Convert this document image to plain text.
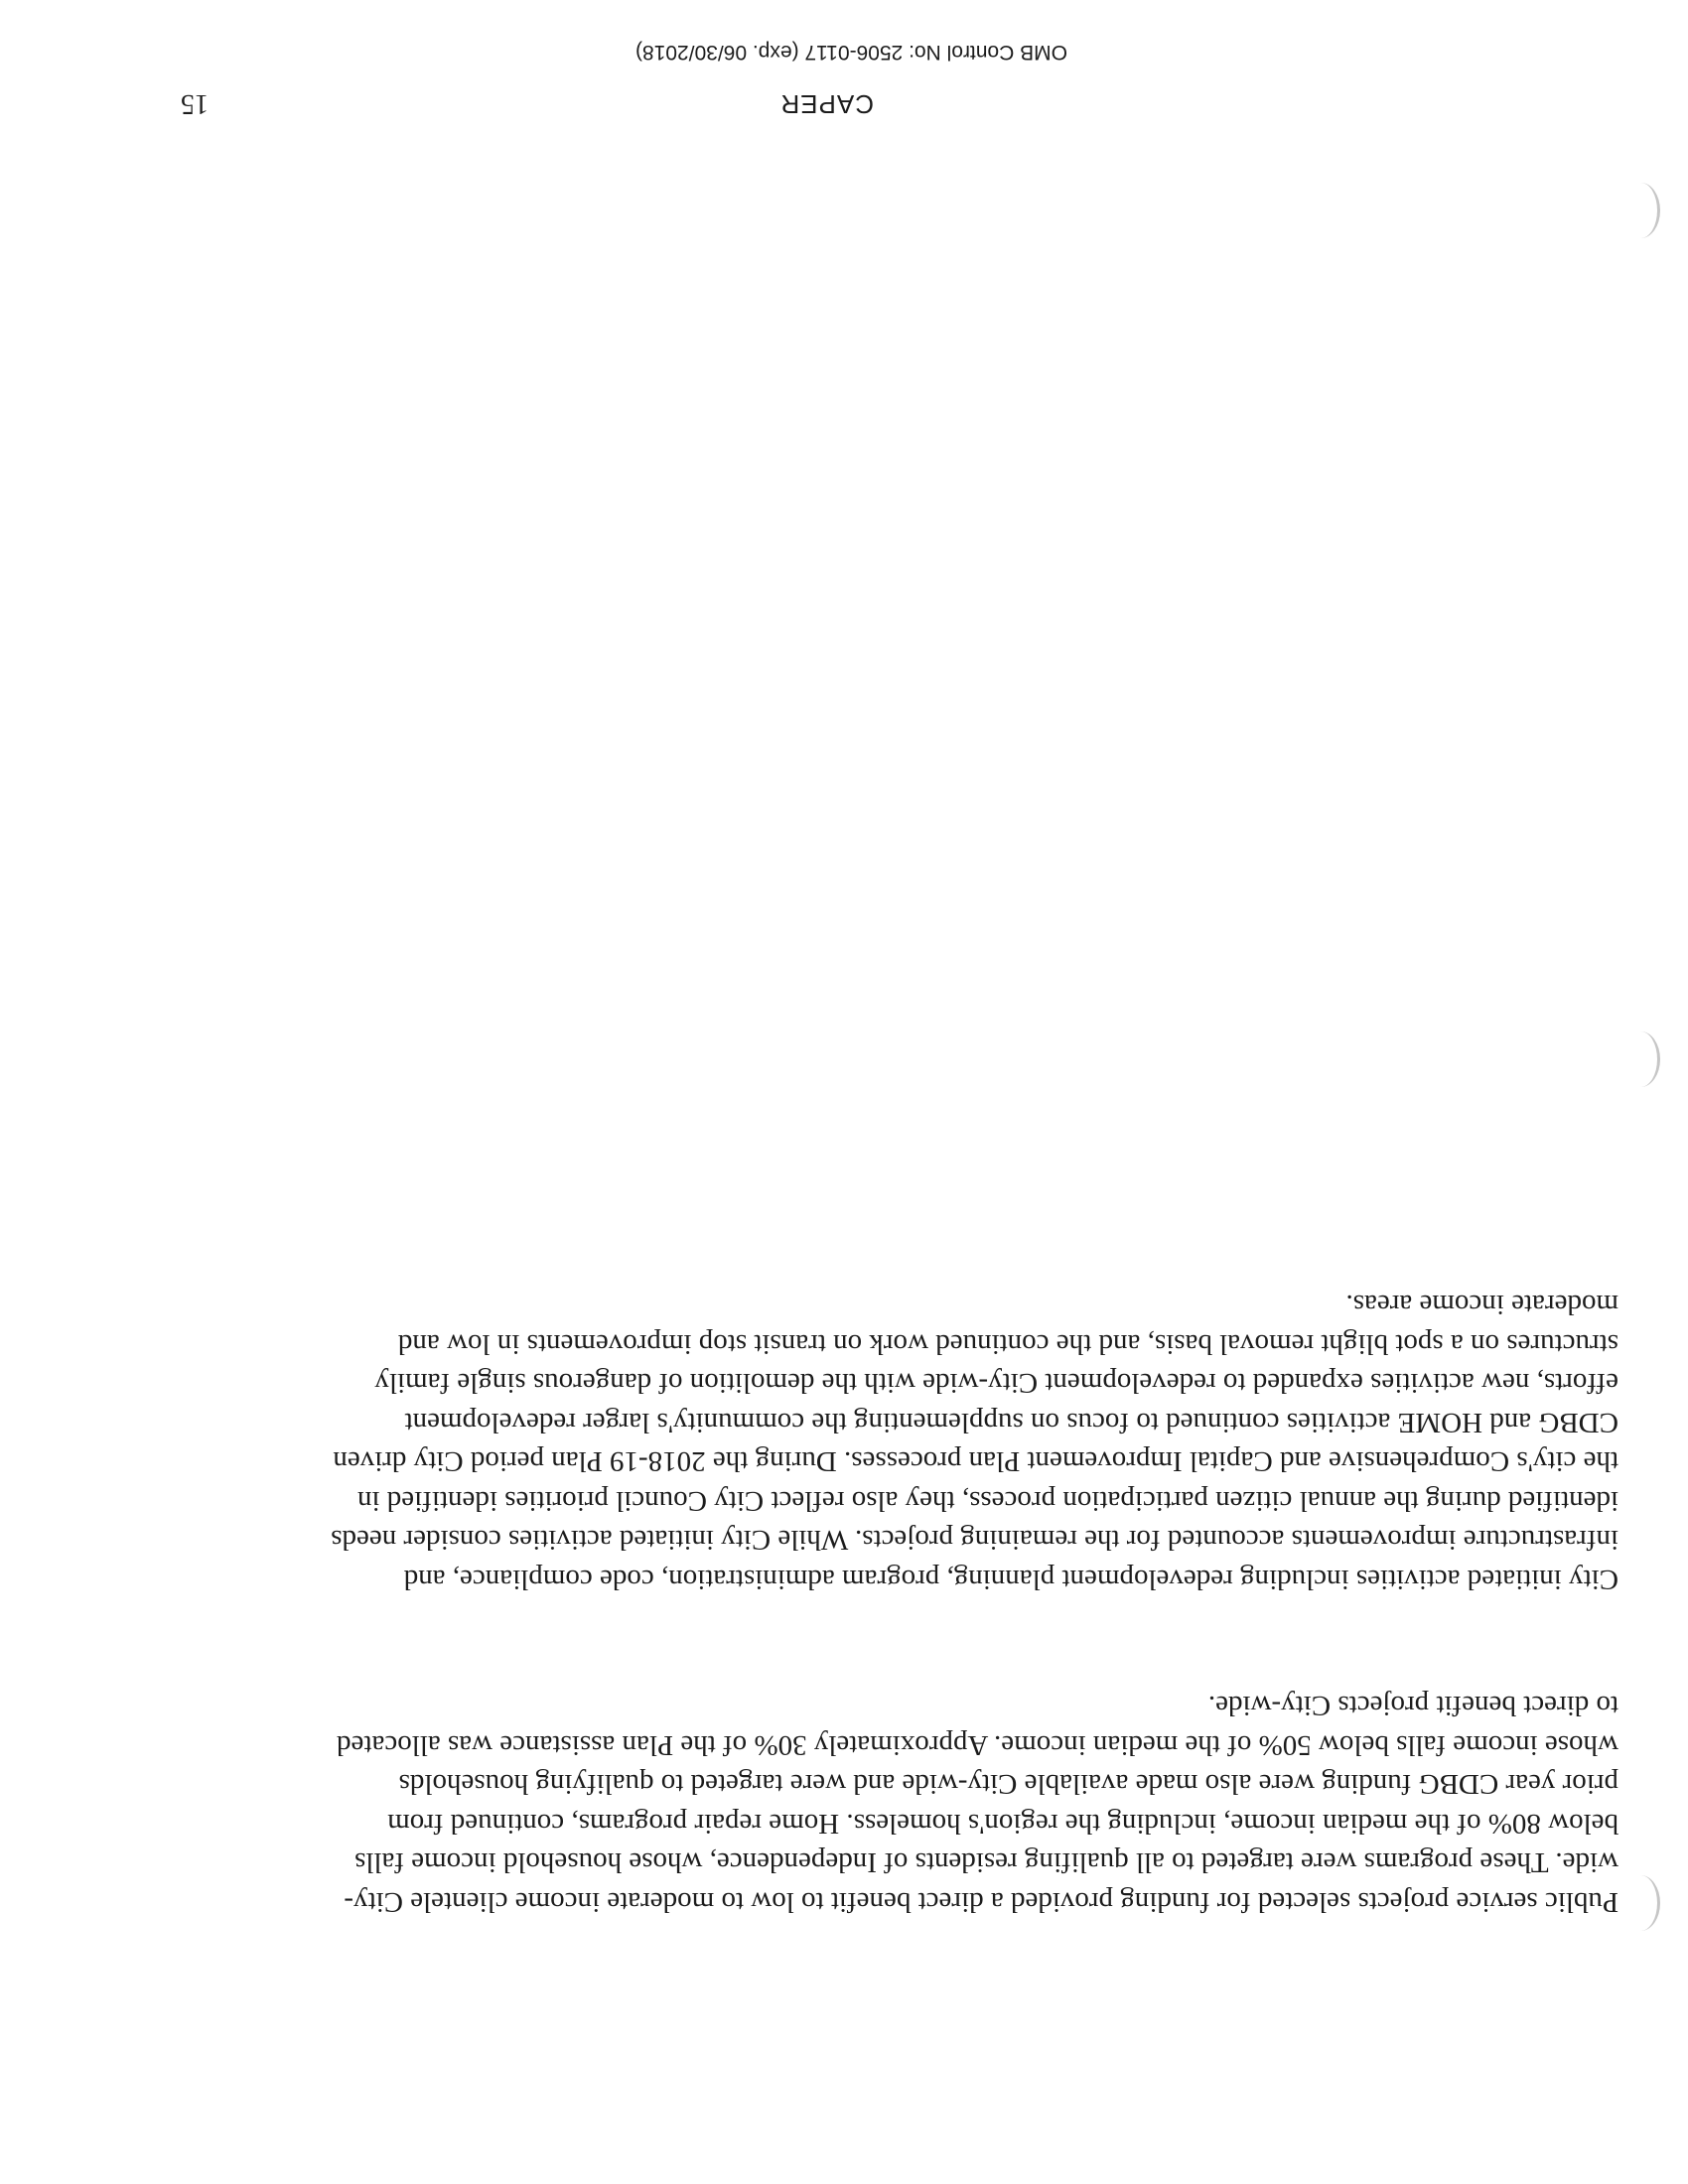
Public service projects selected for funding provided a direct benefit to low to moderate income clientele City-wide. These programs were targeted to all qualifing residents of Independence, whose household income falls below 80% of the median income, including the region's homeless. Home repair programs, continued from prior year CDBG funding were also made available City-wide and were targeted to qualifying households whose income falls below 50% of the median income. Approximately 30% of the Plan assistance was allocated to direct benefit projects City-wide.

City initiated activities including redevelopment planning, program administration, code compliance, and infrastructure improvements accounted for the remaining projects. While City initiated activities consider needs identified during the annual citizen participation process, they also reflect City Council priorities identified in the city's Comprehensive and Capital Improvement Plan processes. During the 2018-19 Plan period City driven CDBG and HOME activities continued to focus on supplementing the community's larger redevelopment efforts, new activities expanded to redevelopment City-wide with the demolition of dangerous single family structures on a spot blight removal basis, and the continued work on transit stop improvements in low and moderate income areas.

15	CAPER

OMB Control No: 2506-0117 (exp. 06/30/2018)
